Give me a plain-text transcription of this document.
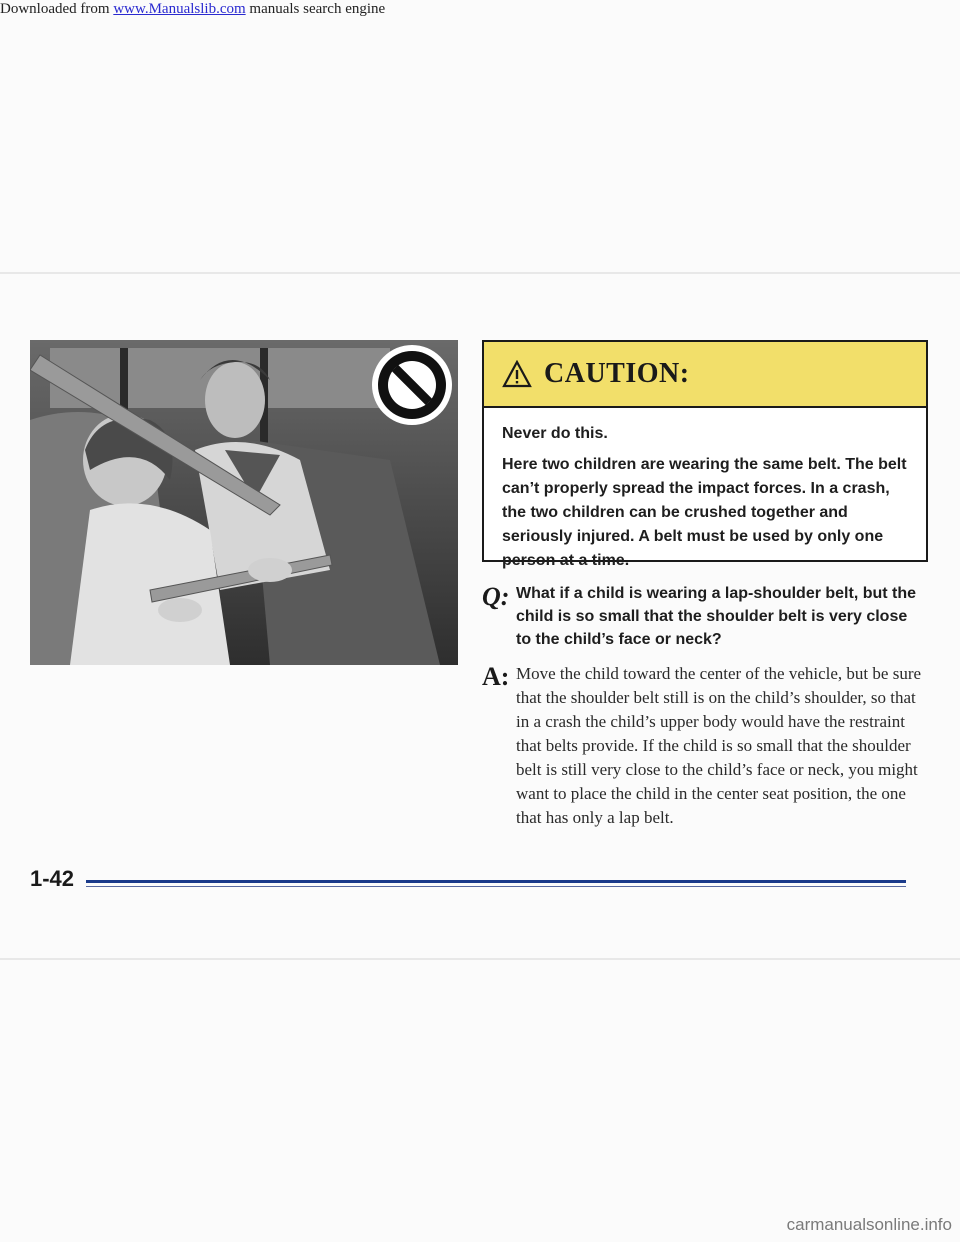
Downloaded from www.Manualslib.com manuals search engine
CAUTION:

Never do this.

Here two children are wearing the same belt. The belt can’t properly spread the impact forces. In a crash, the two children can be crushed together and seriously injured. A belt must be used by only one person at a time.

Q: What if a child is wearing a lap-shoulder belt, but the child is so small that the shoulder belt is very close to the child’s face or neck?
A: Move the child toward the center of the vehicle, but be sure that the shoulder belt still is on the child’s shoulder, so that in a crash the child’s upper body would have the restraint that belts provide. If the child is so small that the shoulder belt is still very close to the child’s face or neck, you might want to place the child in the center seat position, the one that has only a lap belt.
1-42
carmanualsonline.info
